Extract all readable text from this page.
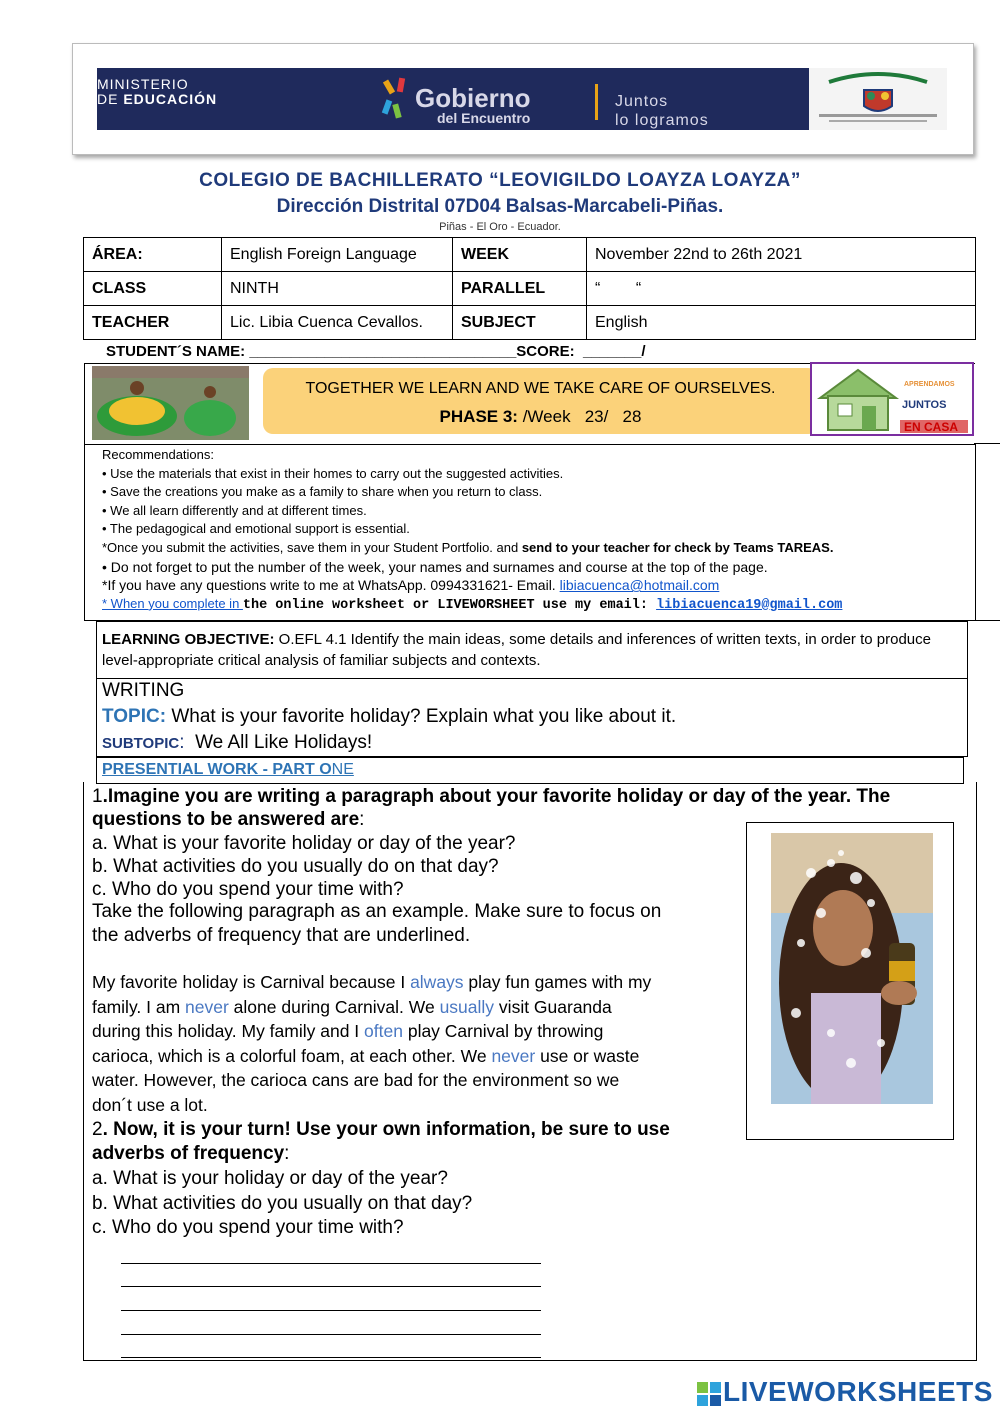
MINISTERIO
DE EDUCACIÓN	Gobierno
del Encuentro
Juntos
lo logramos
COLEGIO DE BACHILLERATO “LEOVIGILDO LOAYZA LOAYZA”
Dirección Distrital 07D04 Balsas-Marcabeli-Piñas.
Piñas - El Oro - Ecuador.
ÁREA:	English Foreign Language	WEEK	November 22nd to 26th 2021
CLASS	NINTH	PARALLEL	“        “
TEACHER	Lic. Libia Cuenca Cevallos.	SUBJECT	English
STUDENT´S NAME: ________________________________SCORE:  _______/
TOGETHER WE LEARN AND WE TAKE CARE OF OURSELVES.
PHASE 3: /Week   23/   28
APRENDAMOS
JUNTOS
EN CASA
Recommendations:
• Use the materials that exist in their homes to carry out the suggested activities.
• Save the creations you make as a family to share when you return to class.
• We all learn differently and at different times.
• The pedagogical and emotional support is essential.
*Once you submit the activities, save them in your Student Portfolio. and send to your teacher for check by Teams TAREAS.
• Do not forget to put the number of the week, your names and surnames and course at the top of the page.
*If you have any questions write to me at WhatsApp. 0994331621- Email. libiacuenca@hotmail.com
* When you complete in the online worksheet or LIVEWORSHEET use my email: libiacuenca19@gmail.com
LEARNING OBJECTIVE: O.EFL 4.1 Identify the main ideas, some details and inferences of written texts, in order to produce level-appropriate critical analysis of familiar subjects and contexts.
WRITING
TOPIC: What is your favorite holiday? Explain what you like about it.
SUBTOPIC:  We All Like Holidays!
PRESENTIAL WORK - PART ONE
1.Imagine you are writing a paragraph about your favorite holiday or day of the year. The questions to be answered are:
a. What is your favorite holiday or day of the year?
b. What activities do you usually do on that day?
c. Who do you spend your time with?
Take the following paragraph as an example. Make sure to focus on the adverbs of frequency that are underlined.
My favorite holiday is Carnival because I always play fun games with my family. I am never alone during Carnival. We usually visit Guaranda during this holiday. My family and I often play Carnival by throwing carioca, which is a colorful foam, at each other. We never use or waste water. However, the carioca cans are bad for the environment so we don´t use a lot.
2. Now, it is your turn! Use your own information, be sure to use adverbs of frequency:
a. What is your holiday or day of the year?
b. What activities do you usually on that day?
c. Who do you spend your time with?
LIVEWORKSHEETS
